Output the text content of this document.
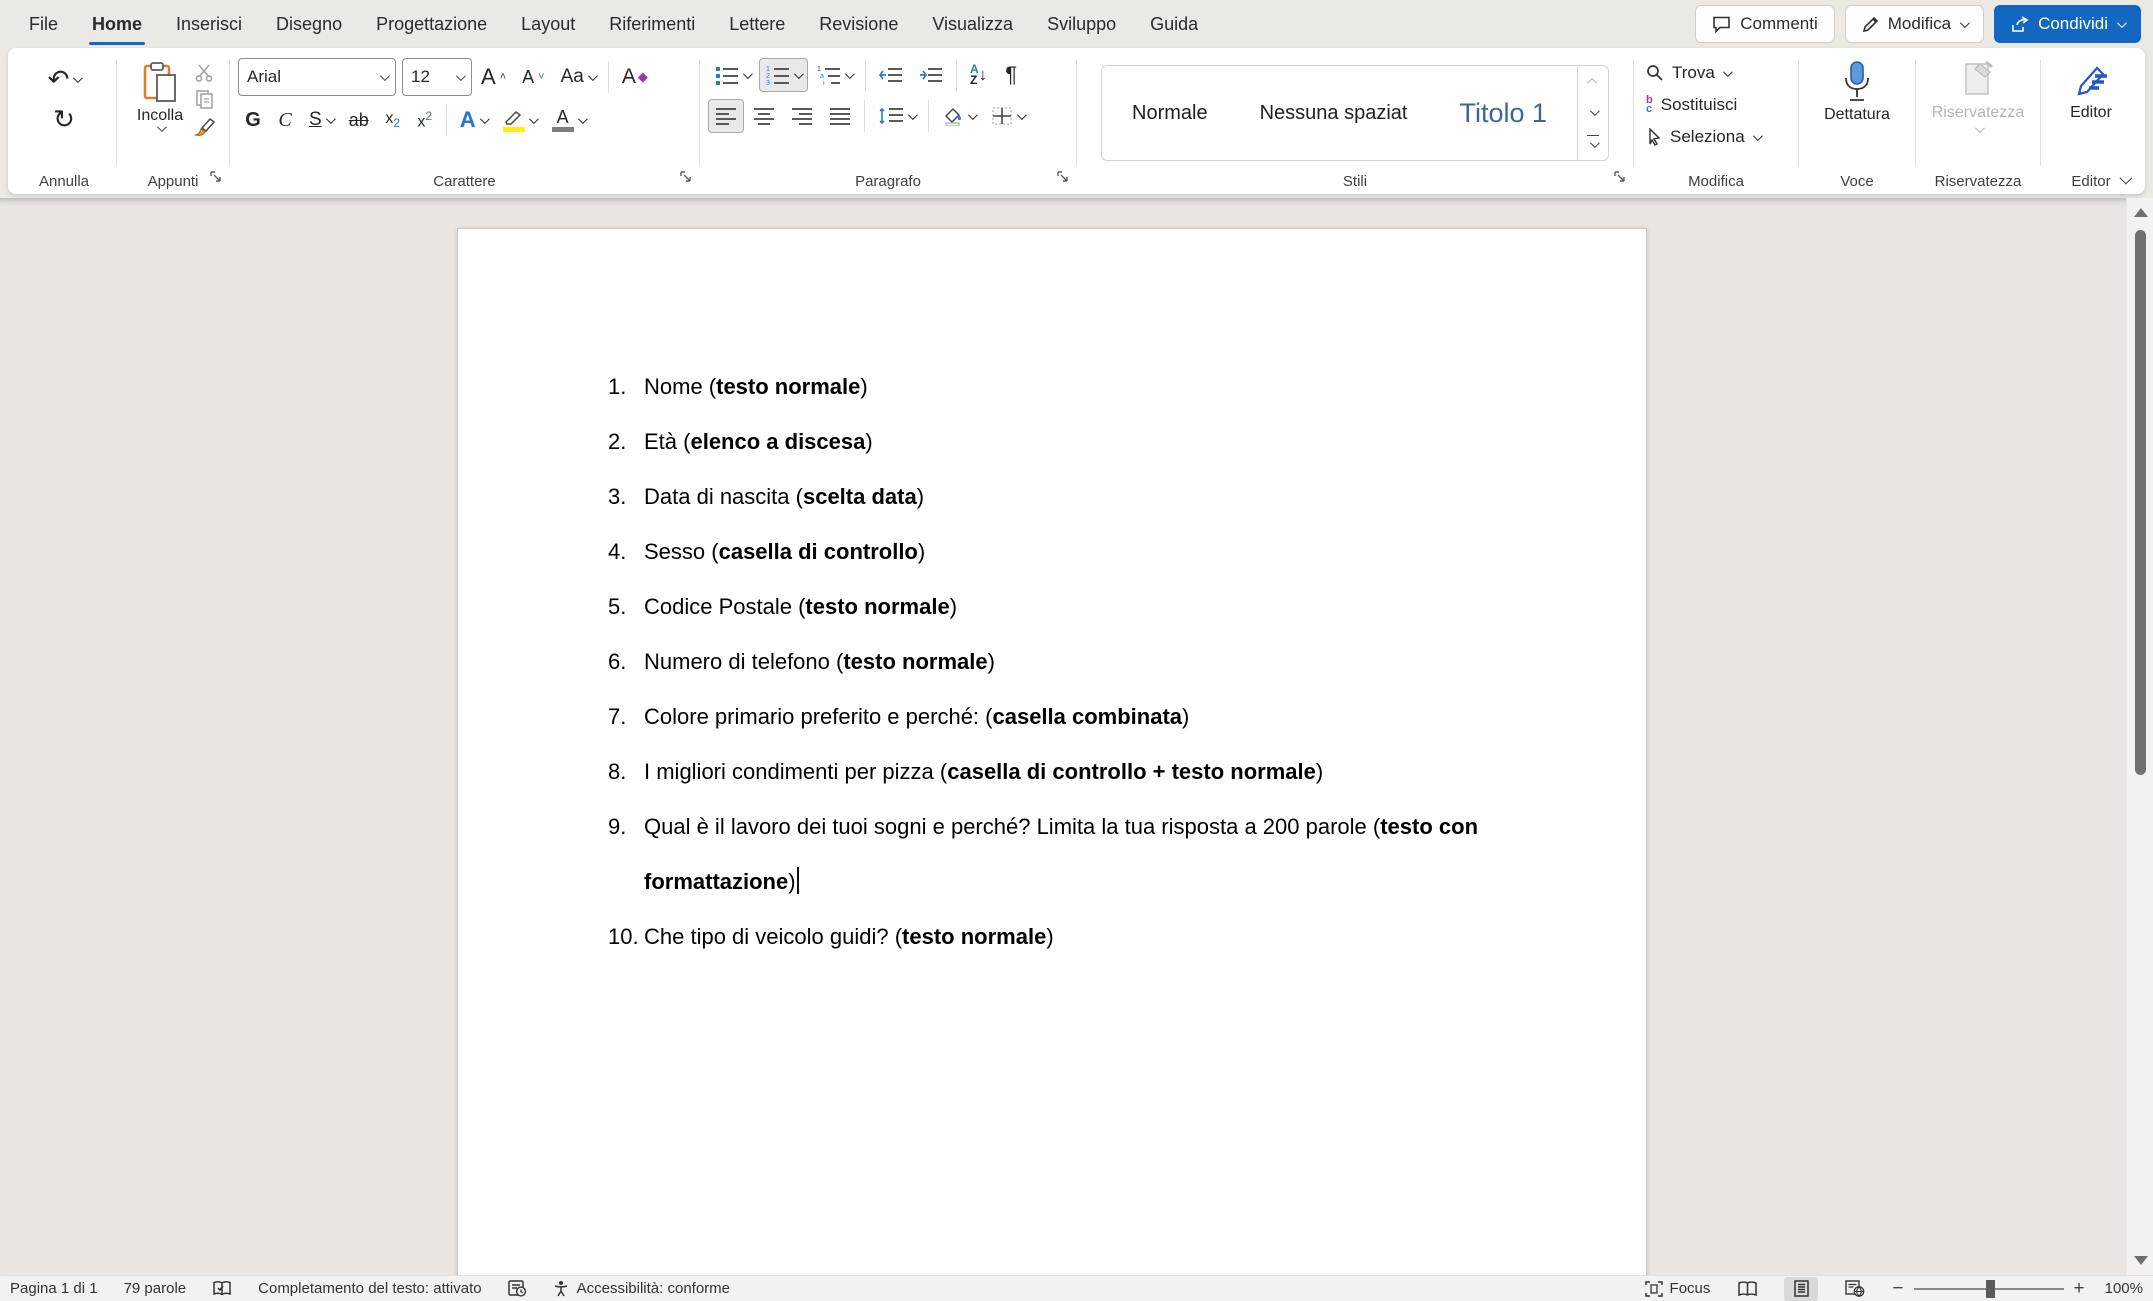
File	Home	Inserisci	Disegno	Progettazione	Layout	Riferimenti	Lettere	Revisione	Visualizza	Sviluppo	Guida	Commenti	Modifica	Condividi
↶
↻
Annulla
Incolla
Appunti
Arial	12 A ˄ A ˅ Aa A ◆
G C S ab $x_2$ $x^2$ A	A
Carattere
1
2
3
1
a
i
A
Z ↓ ¶
Paragrafo
Normale	Nessuna spaziat	Titolo 1
Stili
Trova
b
c Sostituisci
Seleziona
Modifica
Dettatura
Voce
Riservatezza
Riservatezza
Editor
Editor
1. Nome (testo normale)
2. Età (elenco a discesa)
3. Data di nascita (scelta data)
4. Sesso (casella di controllo)
5. Codice Postale (testo normale)
6. Numero di telefono (testo normale)
7. Colore primario preferito e perché: (casella combinata)
8. I migliori condimenti per pizza (casella di controllo + testo normale)
9. Qual è il lavoro dei tuoi sogni e perché? Limita la tua risposta a 200 parole (testo con formattazione)
10. Che tipo di veicolo guidi? (testo normale)
Pagina 1 di 1 79 parole	Completamento del testo: attivato	Accessibilità: conforme	Focus	−	+ 100%
